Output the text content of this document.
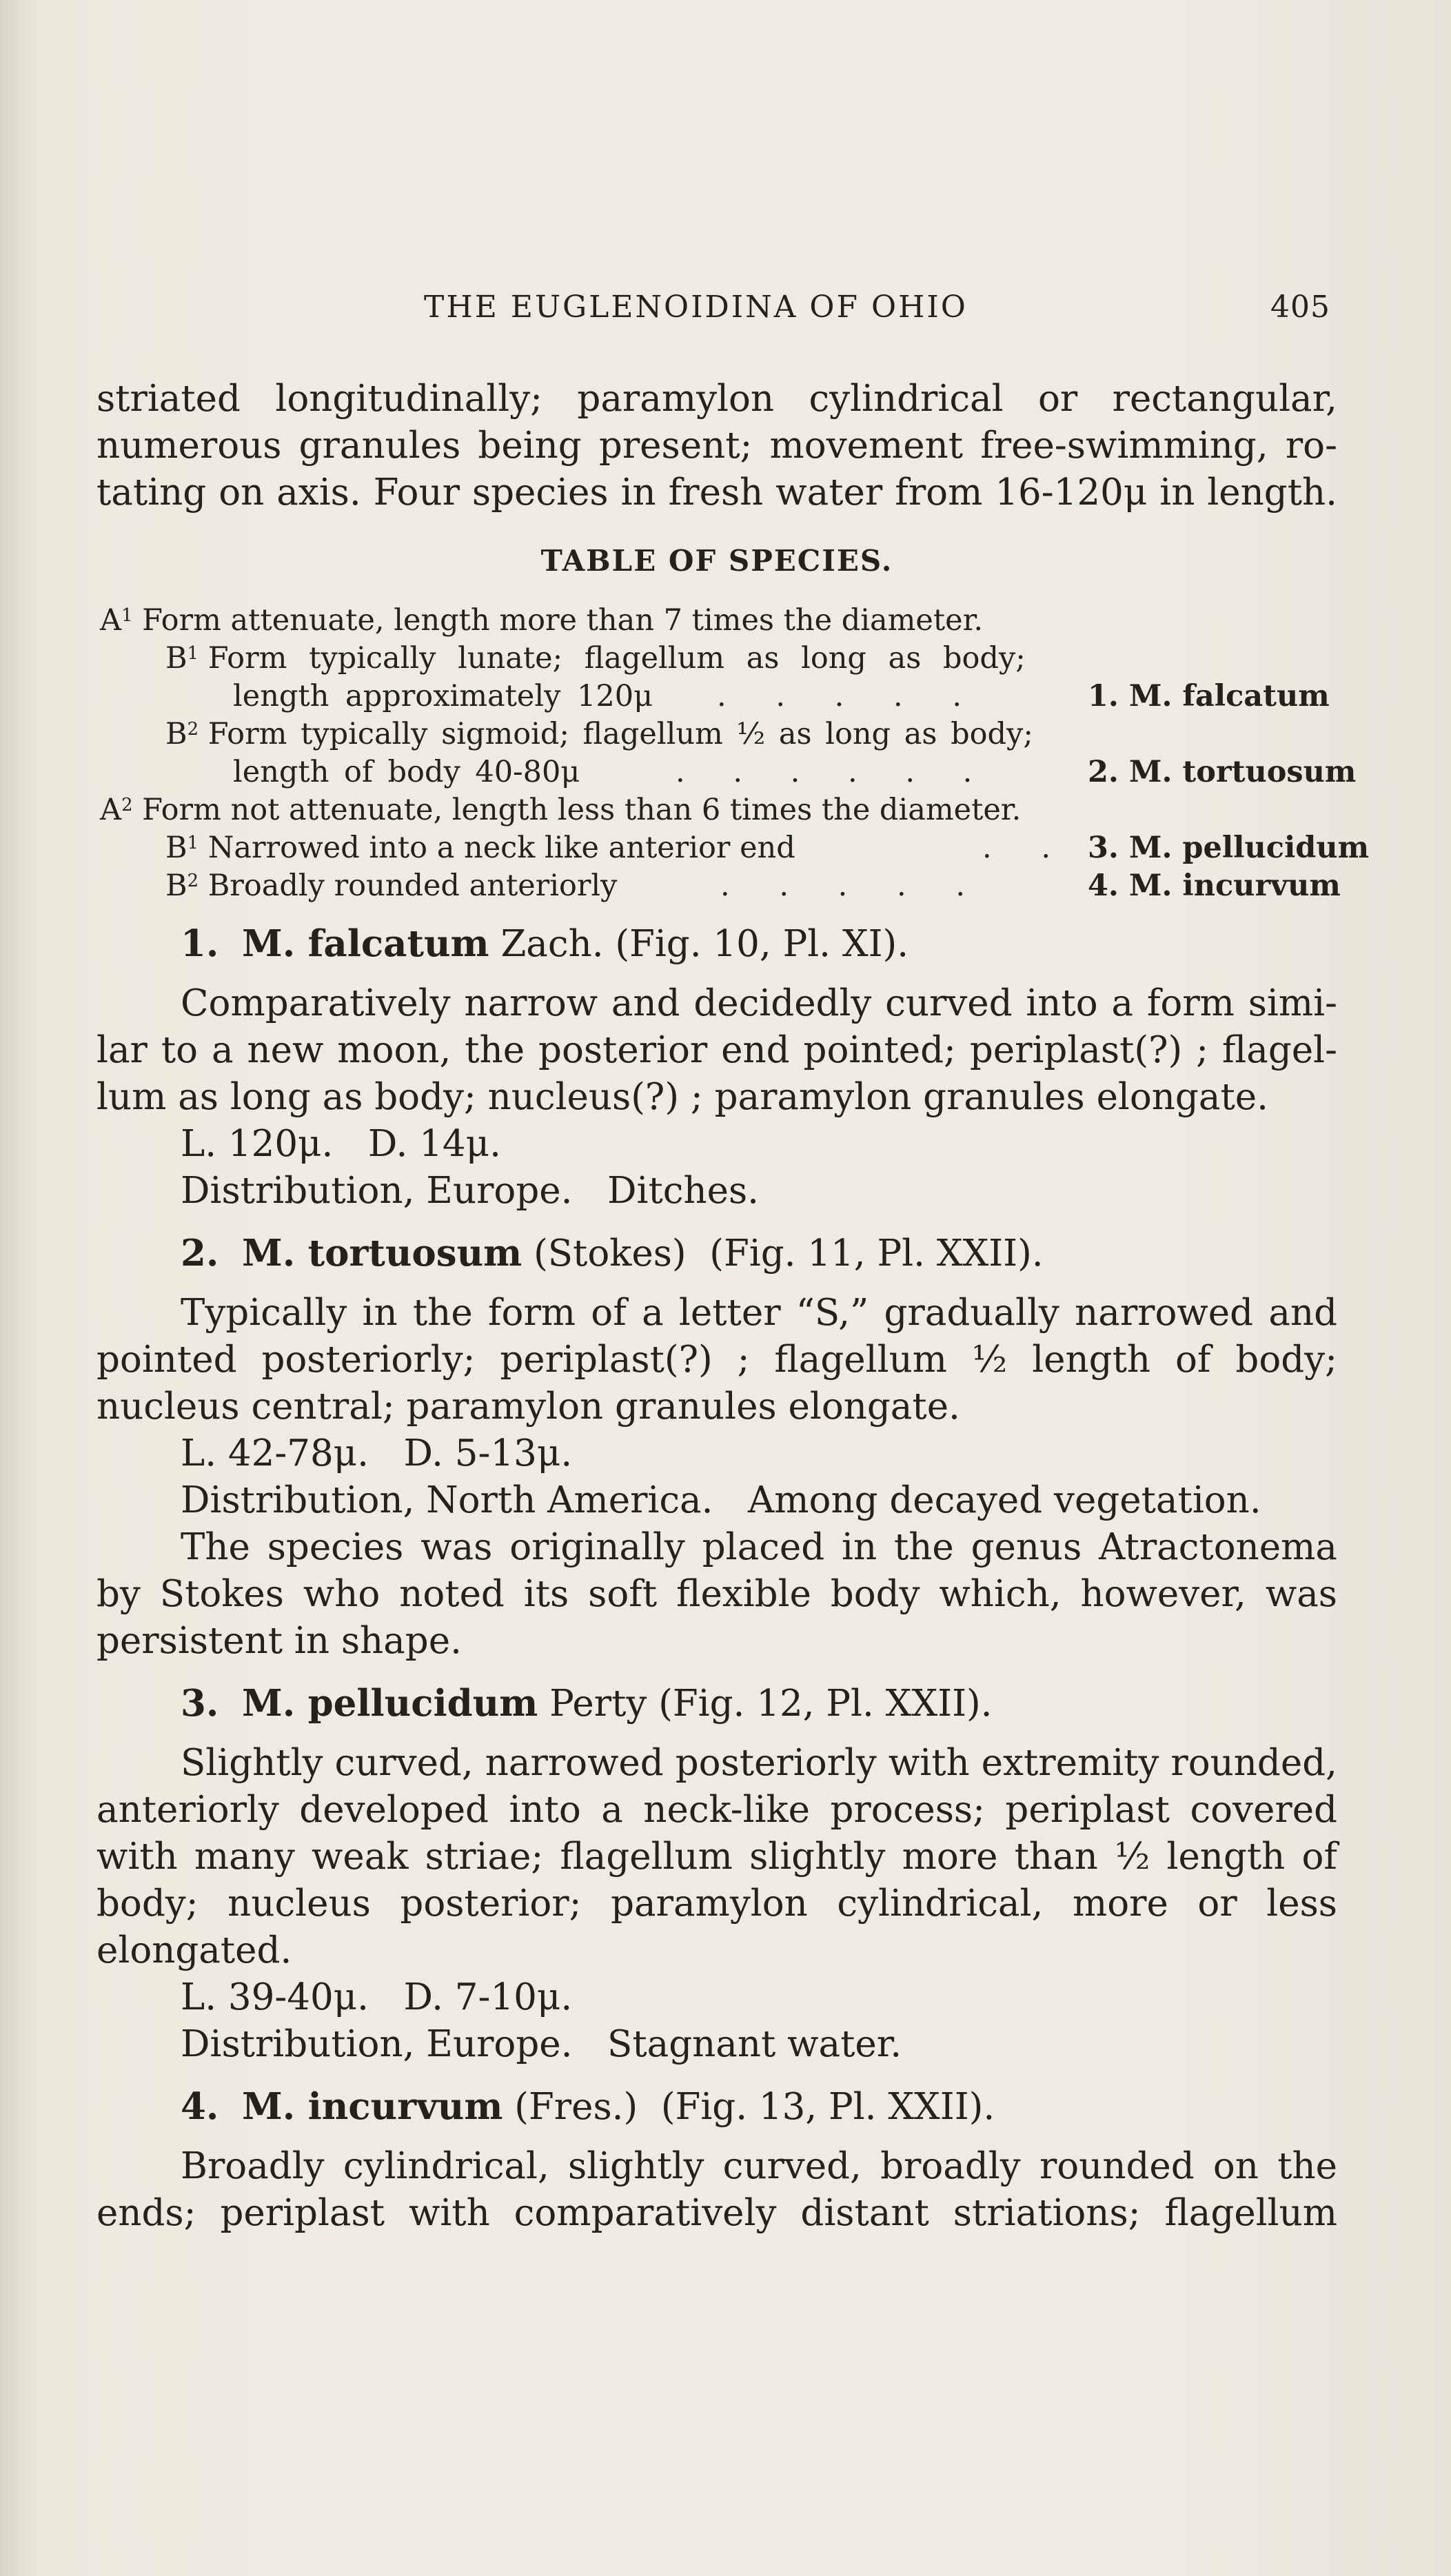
THE EUGLENOIDINA OF OHIO	405

striated longitudinally; paramylon cylindrical or rectangular,

numerous granules being present; movement free-swimming, ro-

tating on axis. Four species in fresh water from 16-120μ in length.

TABLE OF SPECIES.
$A^1$ Form attenuate, length more than 7 times the diameter.
$B^1$ Form typically lunate; flagellum as long as body;
length approximately 120μ . . . . .	1. M. falcatum
$B^2$ Form typically sigmoid; flagellum ½ as long as body;
length of body 40-80μ	. . . . . .	2. M. tortuosum
$A^2$ Form not attenuate, length less than 6 times the diameter.
$B^1$ Narrowed into a neck like anterior end	. . 3. M. pellucidum
$B^2$ Broadly rounded anteriorly	. . . . .	4. M. incurvum
1. M. falcatum Zach. (Fig. 10, Pl. XI).

Comparatively narrow and decidedly curved into a form simi-

lar to a new moon, the posterior end pointed; periplast(?) ; flagel-

lum as long as body; nucleus(?) ; paramylon granules elongate.

L. 120μ.   D. 14μ.

Distribution, Europe.   Ditches.

2. M. tortuosum (Stokes)  (Fig. 11, Pl. XXII).

Typically in the form of a letter “S,” gradually narrowed and

pointed posteriorly; periplast(?) ; flagellum ½ length of body;

nucleus central; paramylon granules elongate.

L. 42-78μ.   D. 5-13μ.

Distribution, North America.   Among decayed vegetation.

The species was originally placed in the genus Atractonema

by Stokes who noted its soft flexible body which, however, was

persistent in shape.

3. M. pellucidum Perty (Fig. 12, Pl. XXII).

Slightly curved, narrowed posteriorly with extremity rounded,

anteriorly developed into a neck-like process; periplast covered

with many weak striae; flagellum slightly more than ½ length of

body; nucleus posterior; paramylon cylindrical, more or less

elongated.

L. 39-40μ.   D. 7-10μ.

Distribution, Europe.   Stagnant water.

4. M. incurvum (Fres.)  (Fig. 13, Pl. XXII).

Broadly cylindrical, slightly curved, broadly rounded on the

ends; periplast with comparatively distant striations; flagellum
